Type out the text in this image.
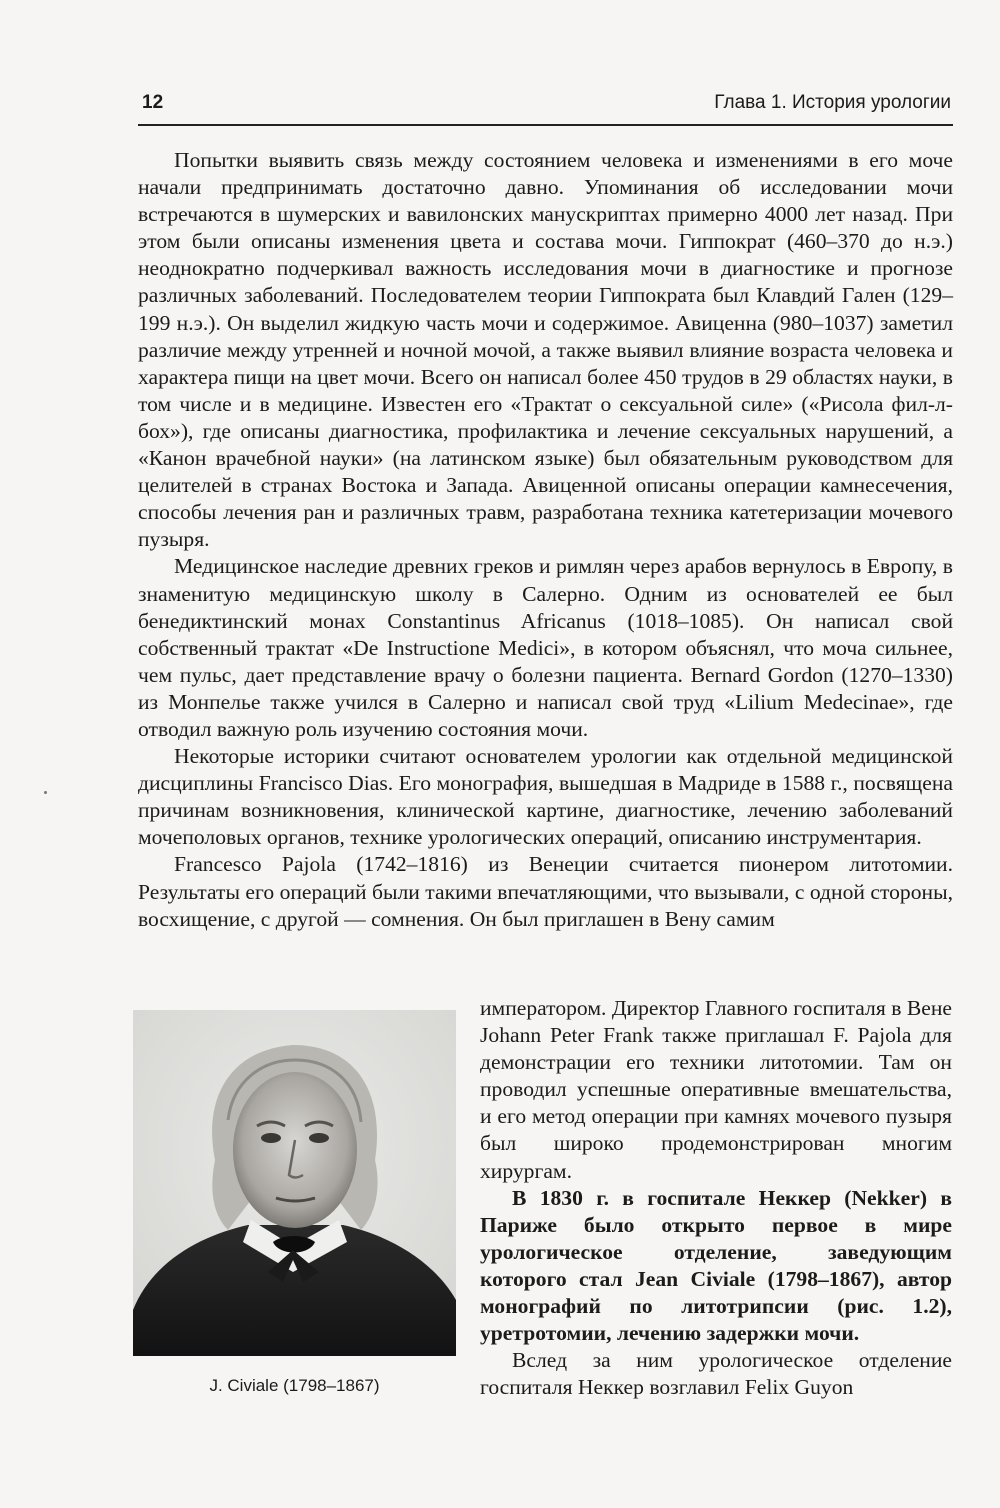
12	Глава 1. История урологии

Попытки выявить связь между состоянием человека и изменениями в его моче начали предпринимать достаточно давно. Упоминания об исследовании мочи встречаются в шумерских и вавилонских манускриптах примерно 4000 лет назад. При этом были описаны изменения цвета и состава мочи. Гиппократ (460–370 до н.э.) неоднократно подчеркивал важность исследования мочи в диагностике и прогнозе различных заболеваний. Последователем теории Гиппократа был Клавдий Гален (129–199 н.э.). Он выделил жидкую часть мочи и содержимое. Авиценна (980–1037) заметил различие между утренней и ночной мочой, а также выявил влияние возраста человека и характера пищи на цвет мочи. Всего он написал более 450 трудов в 29 областях науки, в том числе и в медицине. Известен его «Трактат о сексуальной силе» («Рисола фил-л-бох»), где описаны диагностика, профилактика и лечение сексуальных нарушений, а «Канон врачебной науки» (на латинском языке) был обязательным руководством для целителей в странах Востока и Запада. Авиценной описаны операции камнесечения, способы лечения ран и различных травм, разработана техника катетеризации мочевого пузыря.

Медицинское наследие древних греков и римлян через арабов вернулось в Европу, в знаменитую медицинскую школу в Салерно. Одним из основателей ее был бенедиктинский монах Constantinus Africanus (1018–1085). Он написал свой собственный трактат «De Instructione Medici», в котором объяснял, что моча сильнее, чем пульс, дает представление врачу о болезни пациента. Bernard Gordon (1270–1330) из Монпелье также учился в Салерно и написал свой труд «Lilium Medecinae», где отводил важную роль изучению состояния мочи.

Некоторые историки считают основателем урологии как отдельной медицинской дисциплины Francisco Dias. Его монография, вышедшая в Мадриде в 1588 г., посвящена причинам возникновения, клинической картине, диагностике, лечению заболеваний мочеполовых органов, технике урологических операций, описанию инструментария.

Francesco Pajola (1742–1816) из Венеции считается пионером литотомии. Результаты его операций были такими впечатляющими, что вызывали, с одной стороны, восхищение, с другой — сомнения. Он был приглашен в Вену самим

императором. Директор Главного госпиталя в Вене Johann Peter Frank также приглашал F. Pajola для демонстрации его техники литотомии. Там он проводил успешные оперативные вмешательства, и его метод операции при камнях мочевого пузыря был широко продемонстрирован многим хирургам.

В 1830 г. в госпитале Неккер (Nekker) в Париже было открыто первое в мире урологическое отделение, заведующим которого стал Jean Civiale (1798–1867), автор монографий по литотрипсии (рис. 1.2), уретротомии, лечению задержки мочи.

Вслед за ним урологическое отделение госпиталя Неккер возглавил Felix Guyon

J. Civiale (1798–1867)
